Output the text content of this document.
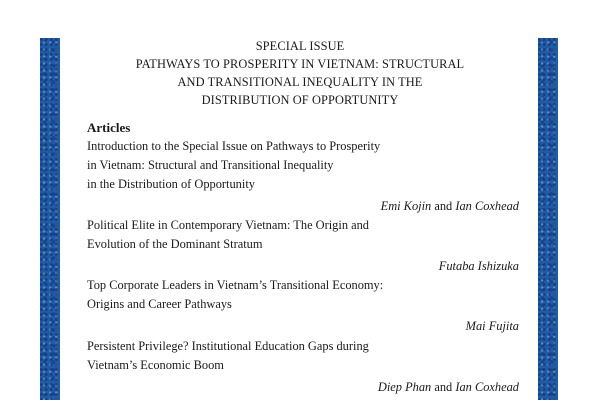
SPECIAL ISSUE
PATHWAYS TO PROSPERITY IN VIETNAM: STRUCTURAL
AND TRANSITIONAL INEQUALITY IN THE
DISTRIBUTION OF OPPORTUNITY
Articles
Introduction to the Special Issue on Pathways to Prosperity
in Vietnam: Structural and Transitional Inequality
in the Distribution of Opportunity
Emi Kojin and Ian Coxhead
Political Elite in Contemporary Vietnam: The Origin and
Evolution of the Dominant Stratum
Futaba Ishizuka
Top Corporate Leaders in Vietnam’s Transitional Economy:
Origins and Career Pathways
Mai Fujita
Persistent Privilege? Institutional Education Gaps during
Vietnam’s Economic Boom
Diep Phan and Ian Coxhead
